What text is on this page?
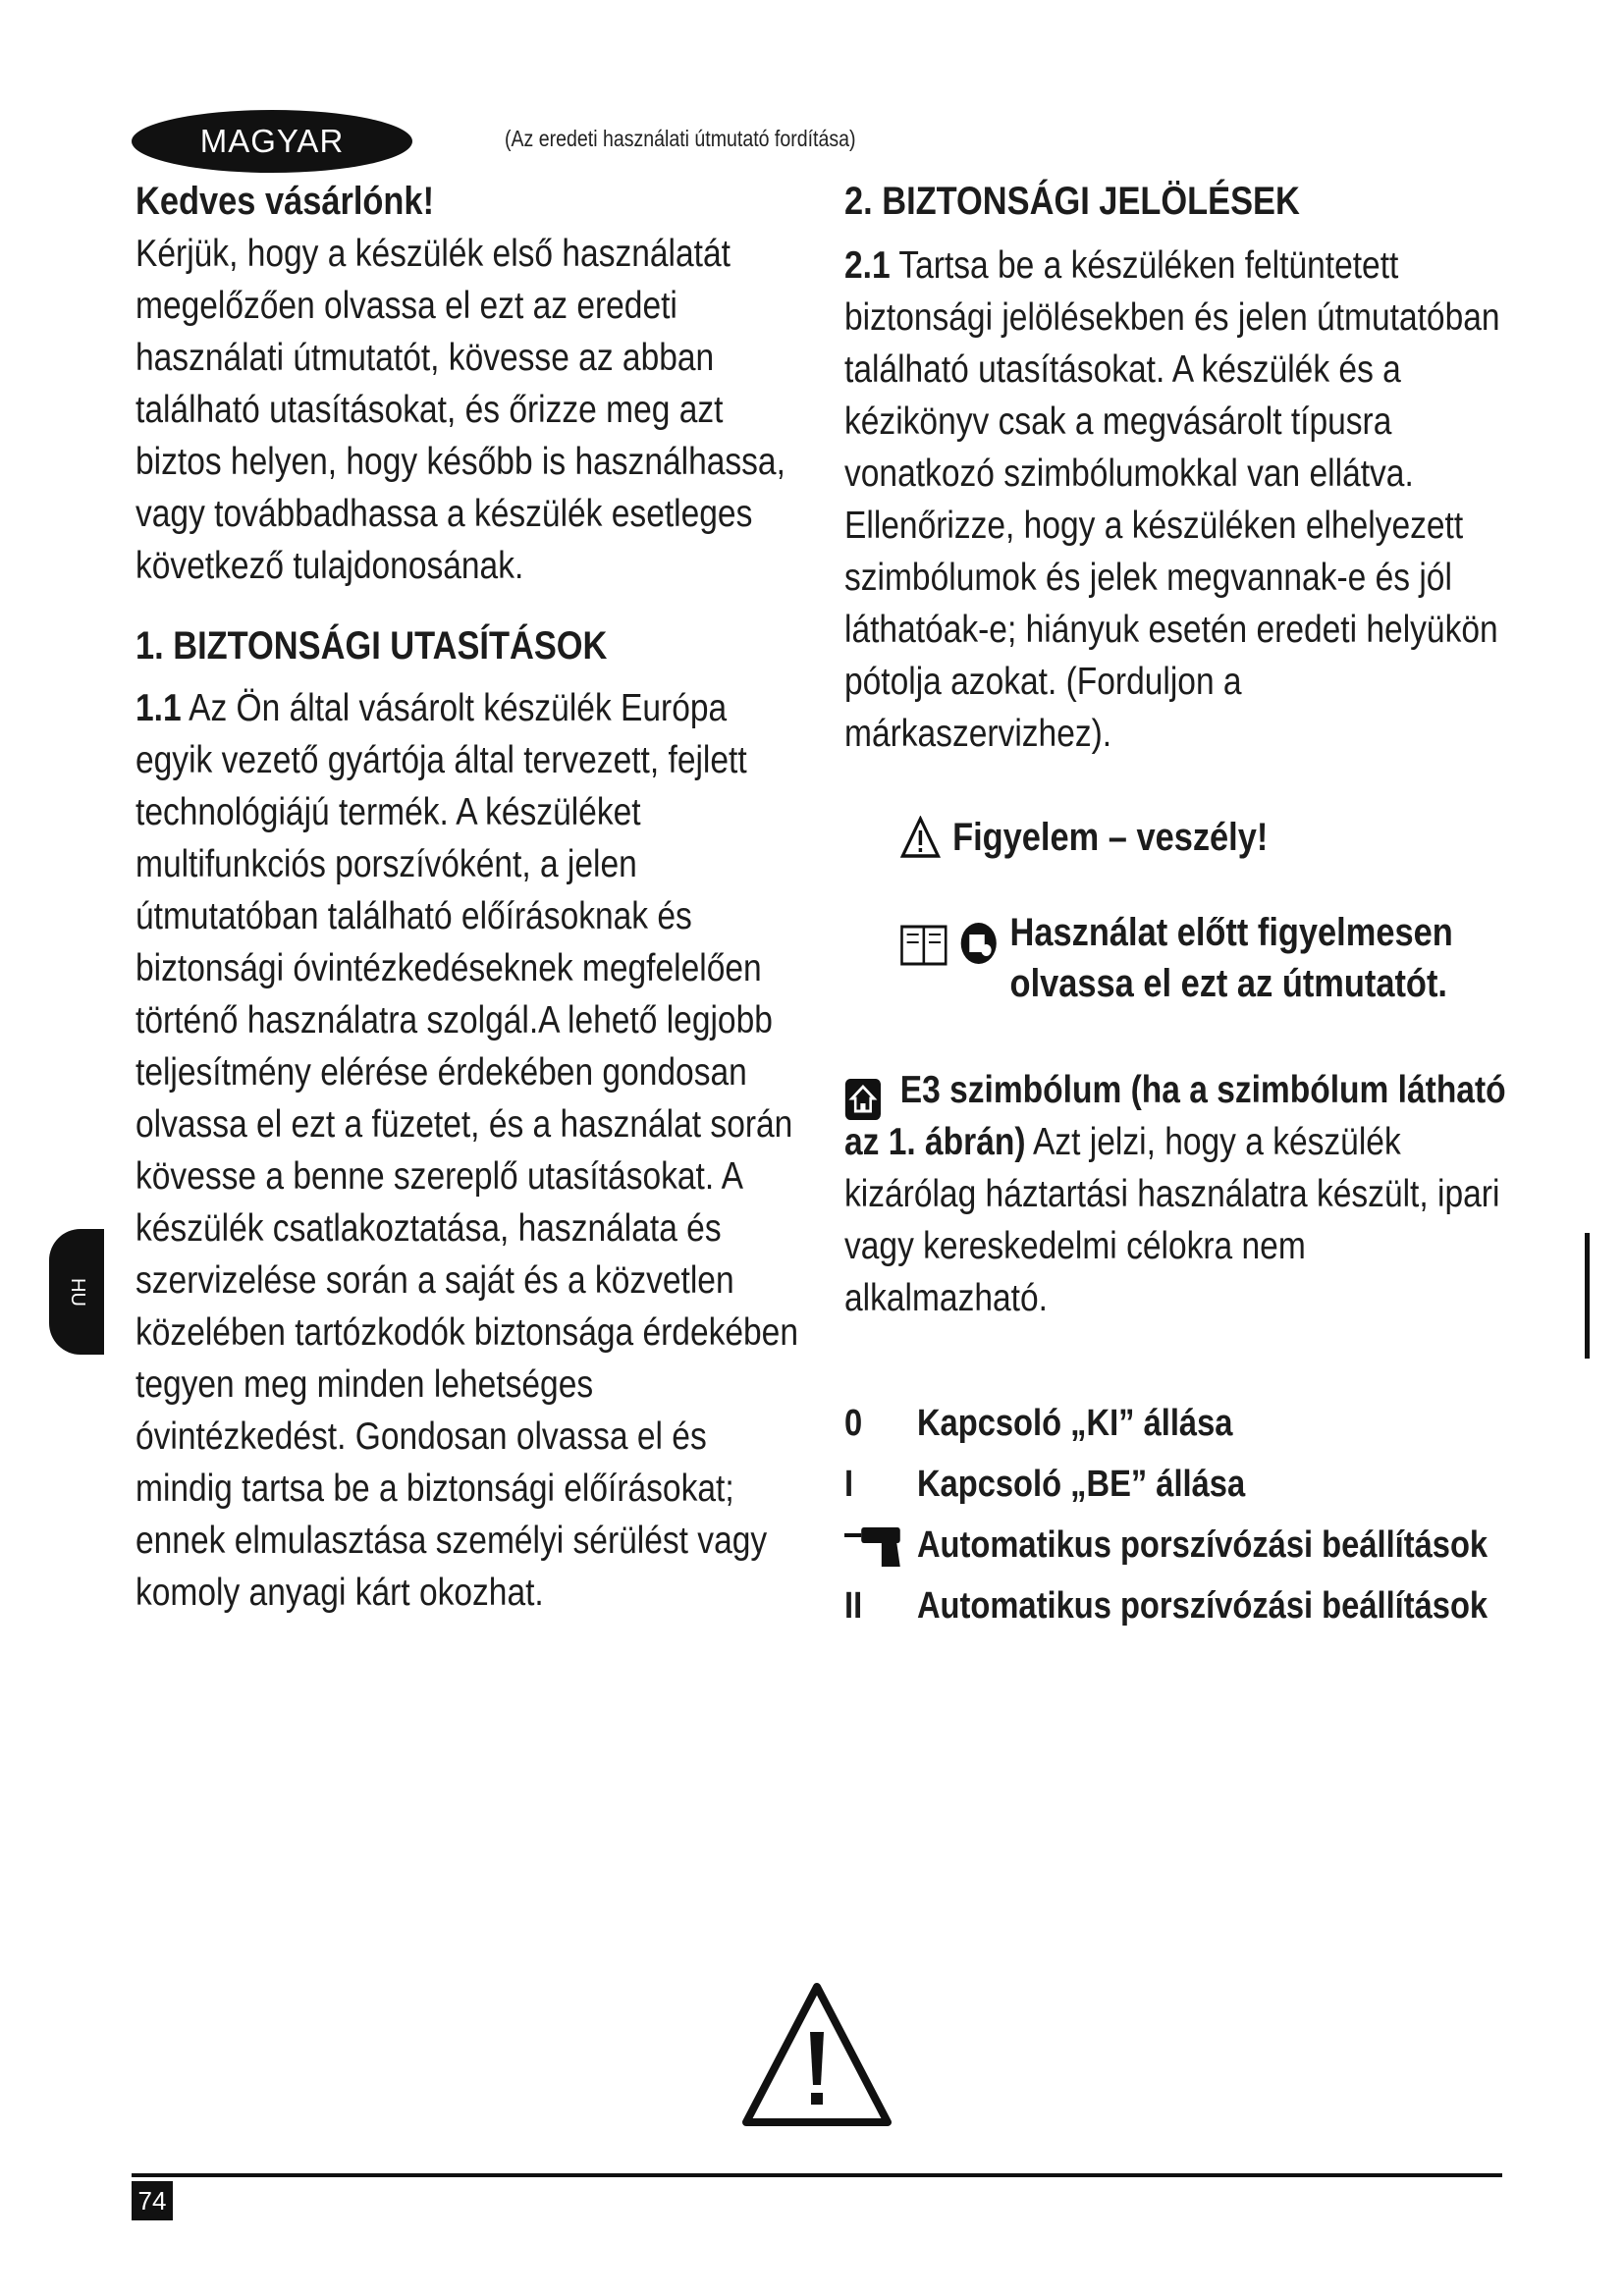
MAGYAR	(Az eredeti használati útmutató fordítása)
HU
Kedves vásárlónk!
Kérjük, hogy a készülék első használatát megelőzően olvassa el ezt az eredeti használati útmutatót, kövesse az abban található utasításokat, és őrizze meg azt biztos helyen, hogy később is használhassa, vagy továbbadhassa a készülék esetleges következő tulajdonosának.
1. BIZTONSÁGI UTASÍTÁSOK
1.1 Az Ön által vásárolt készülék Európa egyik vezető gyártója által tervezett, fejlett technológiájú termék. A készüléket multifunkciós porszívóként, a jelen útmutatóban található előírásoknak és biztonsági óvintézkedéseknek megfelelően történő használatra szolgál.A lehető legjobb teljesítmény elérése érdekében gondosan olvassa el ezt a füzetet, és a használat során kövesse a benne szereplő utasításokat. A készülék csatlakoztatása, használata és szervizelése során a saját és a közvetlen közelében tartózkodók biztonsága érdekében tegyen meg minden lehetséges óvintézkedést. Gondosan olvassa el és mindig tartsa be a biztonsági előírásokat; ennek elmulasztása személyi sérülést vagy komoly anyagi kárt okozhat.
2. BIZTONSÁGI JELÖLÉSEK
2.1 Tartsa be a készüléken feltüntetett biztonsági jelölésekben és jelen útmutatóban található utasításokat. A készülék és a kézikönyv csak a megvásárolt típusra vonatkozó szimbólumokkal van ellátva. Ellenőrizze, hogy a készüléken elhelyezett szimbólumok és jelek megvannak-e és jól láthatóak-e; hiányuk esetén eredeti helyükön pótolja azokat. (Forduljon a márkaszervizhez).
Figyelem – veszély!
Használat előtt figyelmesen olvassa el ezt az útmutatót.
E3 szimbólum (ha a szimbólum látható az 1. ábrán) Azt jelzi, hogy a készülék kizárólag háztartási használatra készült, ipari vagy kereskedelmi célokra nem alkalmazható.
0	Kapcsoló „KI” állása
I	Kapcsoló „BE” állása
Automatikus porszívózási beállítások
II	Automatikus porszívózási beállítások
74
